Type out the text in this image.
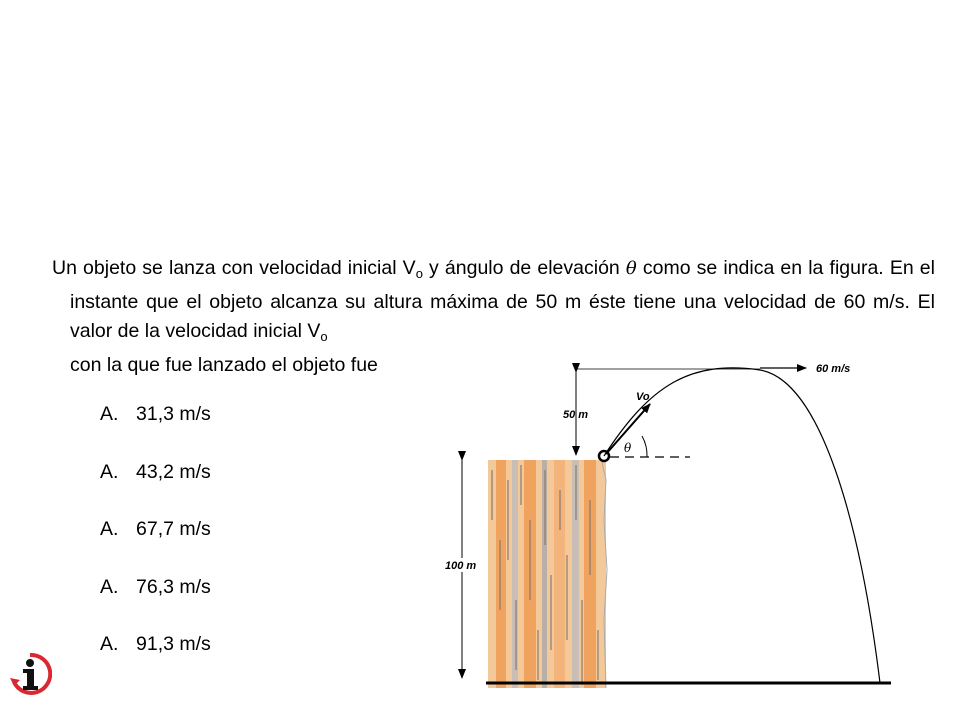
Un objeto se lanza con velocidad inicial $V_o$ y ángulo de elevación θ como se indica en la figura. En el instante que el objeto alcanza su altura máxima de 50 m éste tiene una velocidad de 60 m/s. El valor de la velocidad inicial $V_o$
con la que fue lanzado el objeto fue
A. 31,3 m/s
A. 43,2 m/s
A. 67,7 m/s
A. 76,3 m/s
A. 91,3 m/s
60 m/s
50 m
Vo
θ
100 m
